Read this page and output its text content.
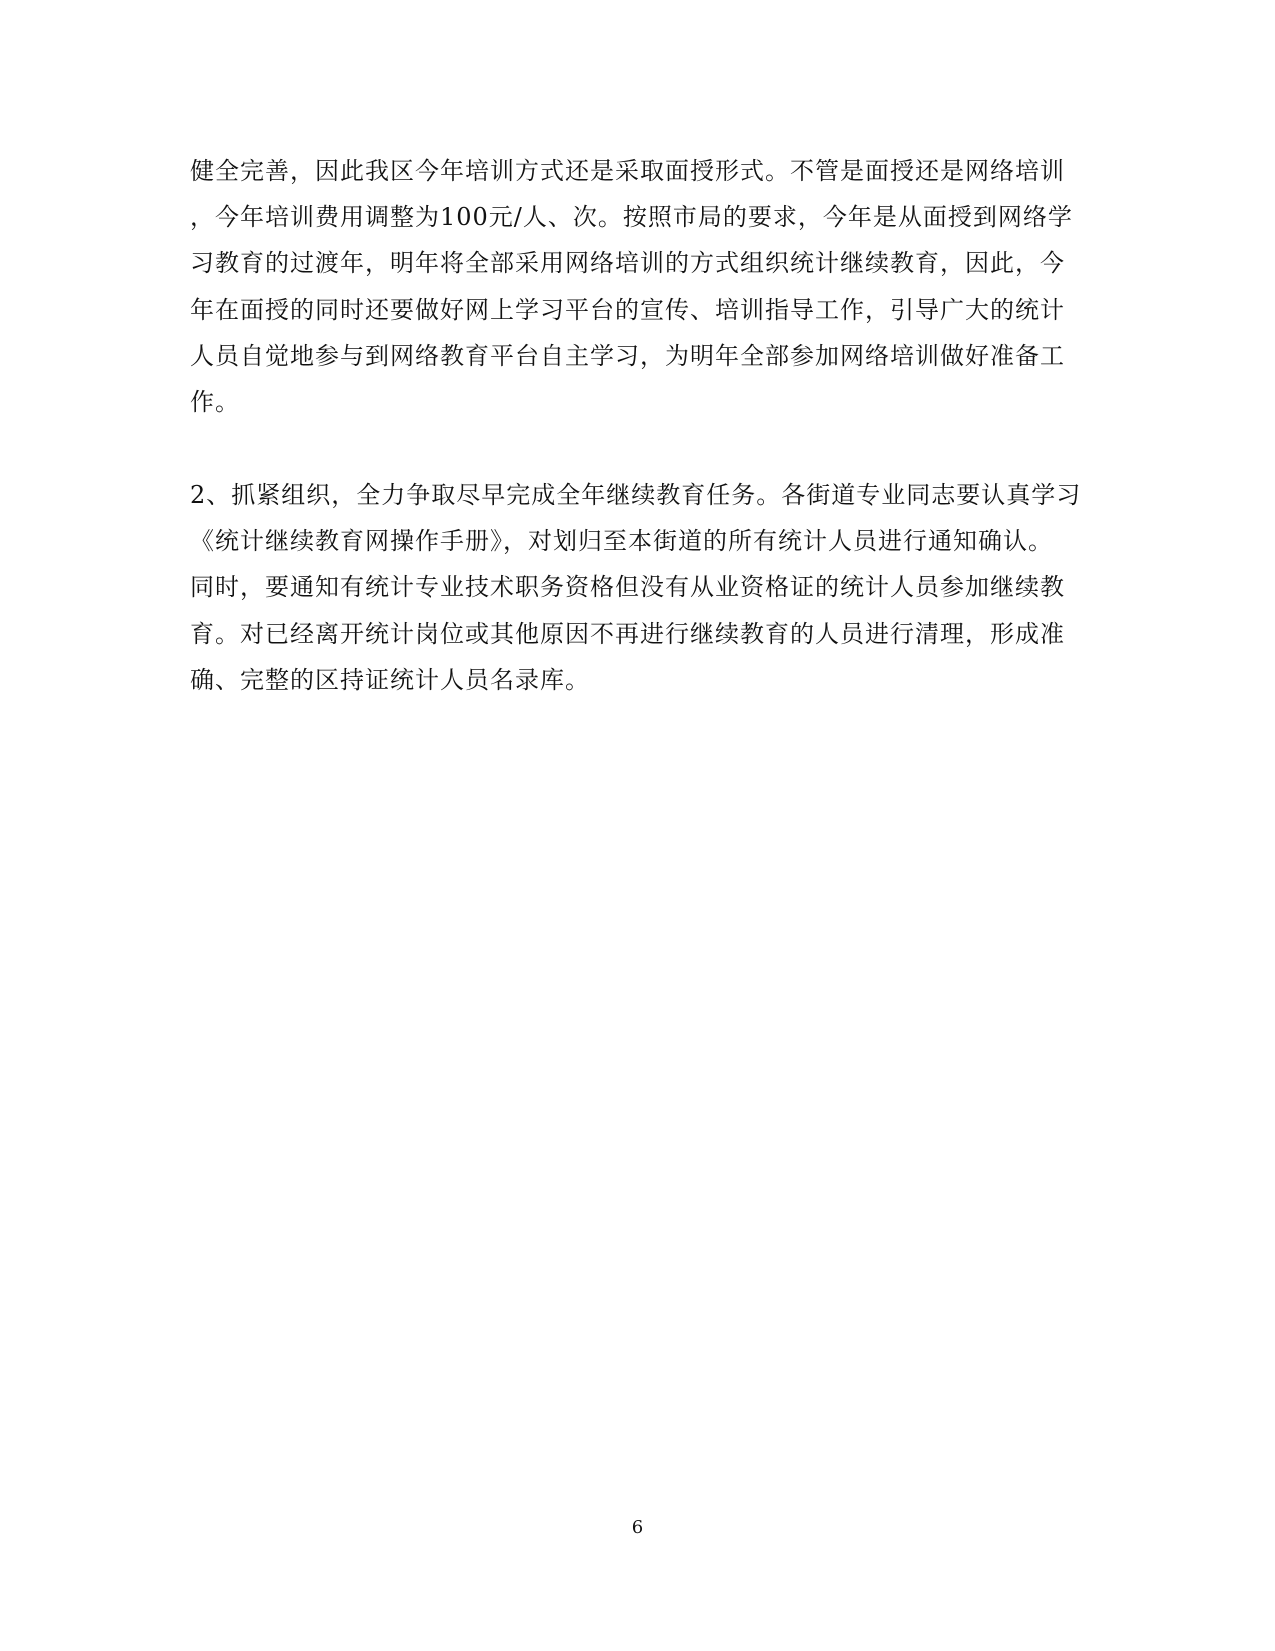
健全完善，因此我区今年培训方式还是采取面授形式。不管是面授还是网络培训
，今年培训费用调整为100元/人、次。按照市局的要求，今年是从面授到网络学
习教育的过渡年，明年将全部采用网络培训的方式组织统计继续教育，因此，今
年在面授的同时还要做好网上学习平台的宣传、培训指导工作，引导广大的统计
人员自觉地参与到网络教育平台自主学习，为明年全部参加网络培训做好准备工
作。
2、抓紧组织，全力争取尽早完成全年继续教育任务。各街道专业同志要认真学习
《统计继续教育网操作手册》，对划归至本街道的所有统计人员进行通知确认。
同时，要通知有统计专业技术职务资格但没有从业资格证的统计人员参加继续教
育。对已经离开统计岗位或其他原因不再进行继续教育的人员进行清理，形成准
确、完整的区持证统计人员名录库。
6
